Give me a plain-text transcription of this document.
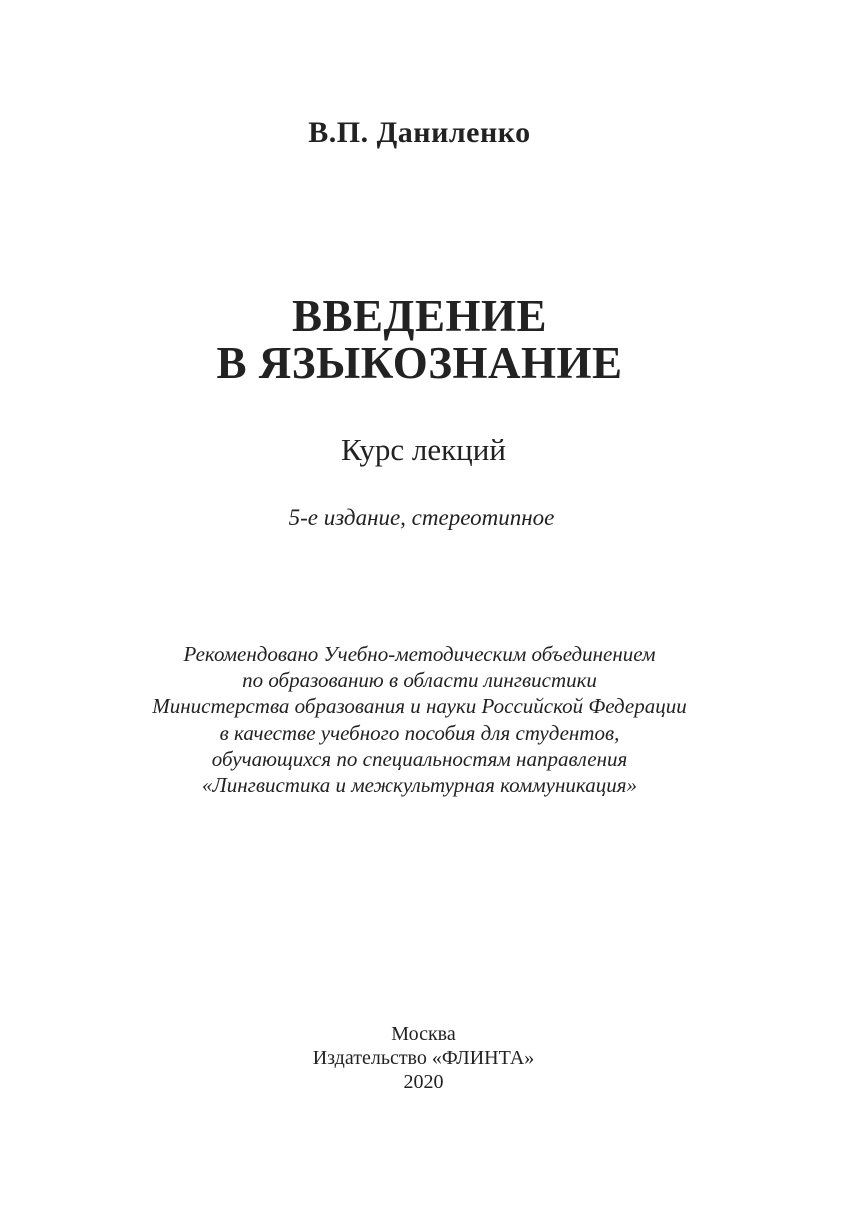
В.П. Даниленко
ВВЕДЕНИЕ
В ЯЗЫКОЗНАНИЕ
Курс лекций
5-е издание, стереотипное
Рекомендовано Учебно-методическим объединением
по образованию в области лингвистики
Министерства образования и науки Российской Федерации
в качестве учебного пособия для студентов,
обучающихся по специальностям направления
«Лингвистика и межкультурная коммуникация»
Москва
Издательство «ФЛИНТА»
2020
